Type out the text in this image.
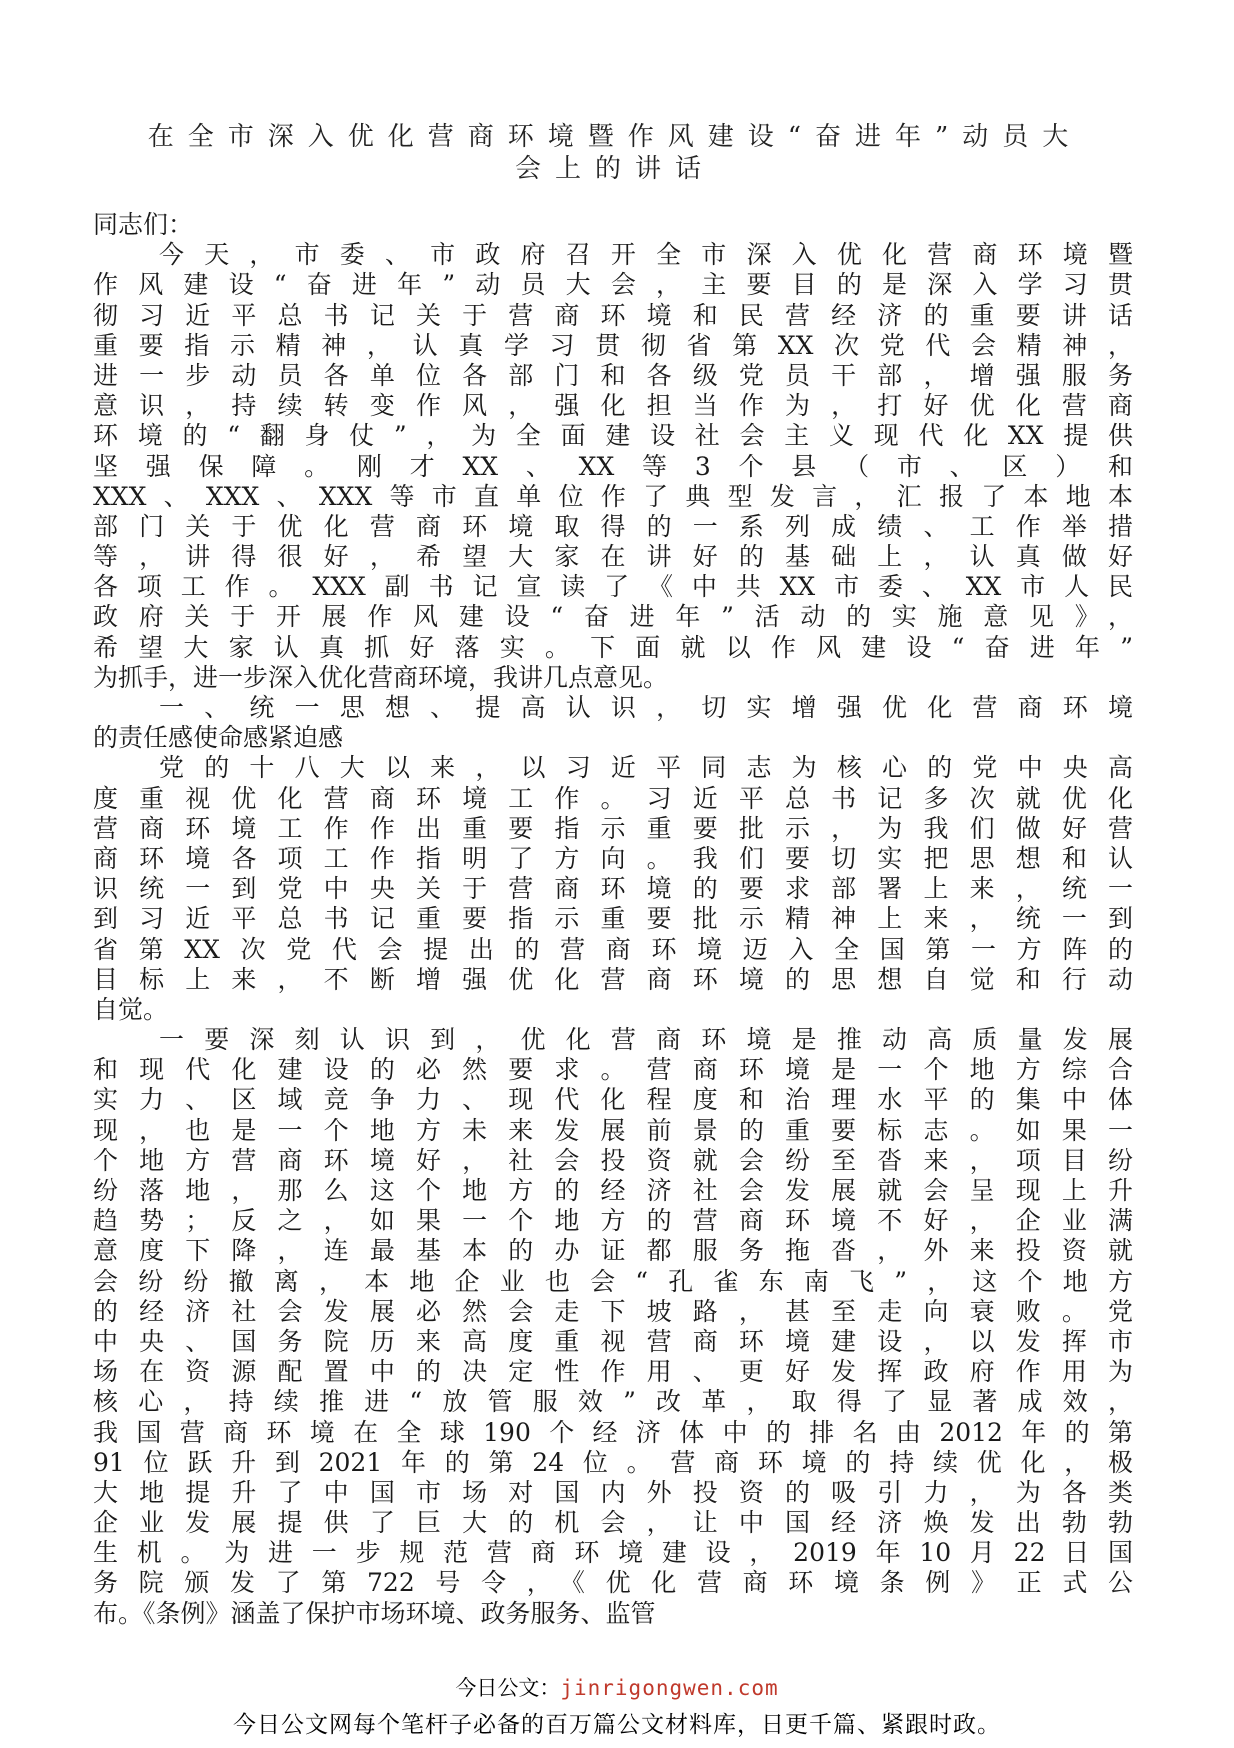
在全市深入优化营商环境暨作风建设“奋进年”动员大
会上的讲话
同志们：
今天，市委、市政府召开全市深入优化营商环境暨
作风建设“奋进年”动员大会，主要目的是深入学习贯
彻习近平总书记关于营商环境和民营经济的重要讲话
重要指示精神，认真学习贯彻省第XX次党代会精神，
进一步动员各单位各部门和各级党员干部，增强服务
意识，持续转变作风，强化担当作为，打好优化营商
环境的“翻身仗”，为全面建设社会主义现代化XX提供
坚强保障。刚才XX、XX等3个县（市、区）和
XXX、XXX、XXX等市直单位作了典型发言，汇报了本地本
部门关于优化营商环境取得的一系列成绩、工作举措
等，讲得很好，希望大家在讲好的基础上，认真做好
各项工作。XXX副书记宣读了《中共XX市委、XX市人民
政府关于开展作风建设“奋进年”活动的实施意见》，
希望大家认真抓好落实。下面就以作风建设“奋进年”
为抓手，进一步深入优化营商环境，我讲几点意见。
一、统一思想、提高认识，切实增强优化营商环境
的责任感使命感紧迫感
党的十八大以来，以习近平同志为核心的党中央高
度重视优化营商环境工作。习近平总书记多次就优化
营商环境工作作出重要指示重要批示，为我们做好营
商环境各项工作指明了方向。我们要切实把思想和认
识统一到党中央关于营商环境的要求部署上来，统一
到习近平总书记重要指示重要批示精神上来，统一到
省第XX次党代会提出的营商环境迈入全国第一方阵的
目标上来，不断增强优化营商环境的思想自觉和行动
自觉。
一要深刻认识到，优化营商环境是推动高质量发展
和现代化建设的必然要求。营商环境是一个地方综合
实力、区域竞争力、现代化程度和治理水平的集中体
现，也是一个地方未来发展前景的重要标志。如果一
个地方营商环境好，社会投资就会纷至沓来，项目纷
纷落地，那么这个地方的经济社会发展就会呈现上升
趋势；反之，如果一个地方的营商环境不好，企业满
意度下降，连最基本的办证都服务拖沓，外来投资就
会纷纷撤离，本地企业也会“孔雀东南飞”，这个地方
的经济社会发展必然会走下坡路，甚至走向衰败。党
中央、国务院历来高度重视营商环境建设，以发挥市
场在资源配置中的决定性作用、更好发挥政府作用为
核心，持续推进“放管服效”改革，取得了显著成效，
我国营商环境在全球190个经济体中的排名由2012年的第
91位跃升到2021年的第24位。营商环境的持续优化，极
大地提升了中国市场对国内外投资的吸引力，为各类
企业发展提供了巨大的机会，让中国经济焕发出勃勃
生机。为进一步规范营商环境建设，2019年10月22日国
务院颁发了第722号令，《优化营商环境条例》正式公
布。《条例》涵盖了保护市场环境、政务服务、监管
今日公文：jinrigongwen.com
今日公文网每个笔杆子必备的百万篇公文材料库，日更千篇、紧跟时政。
